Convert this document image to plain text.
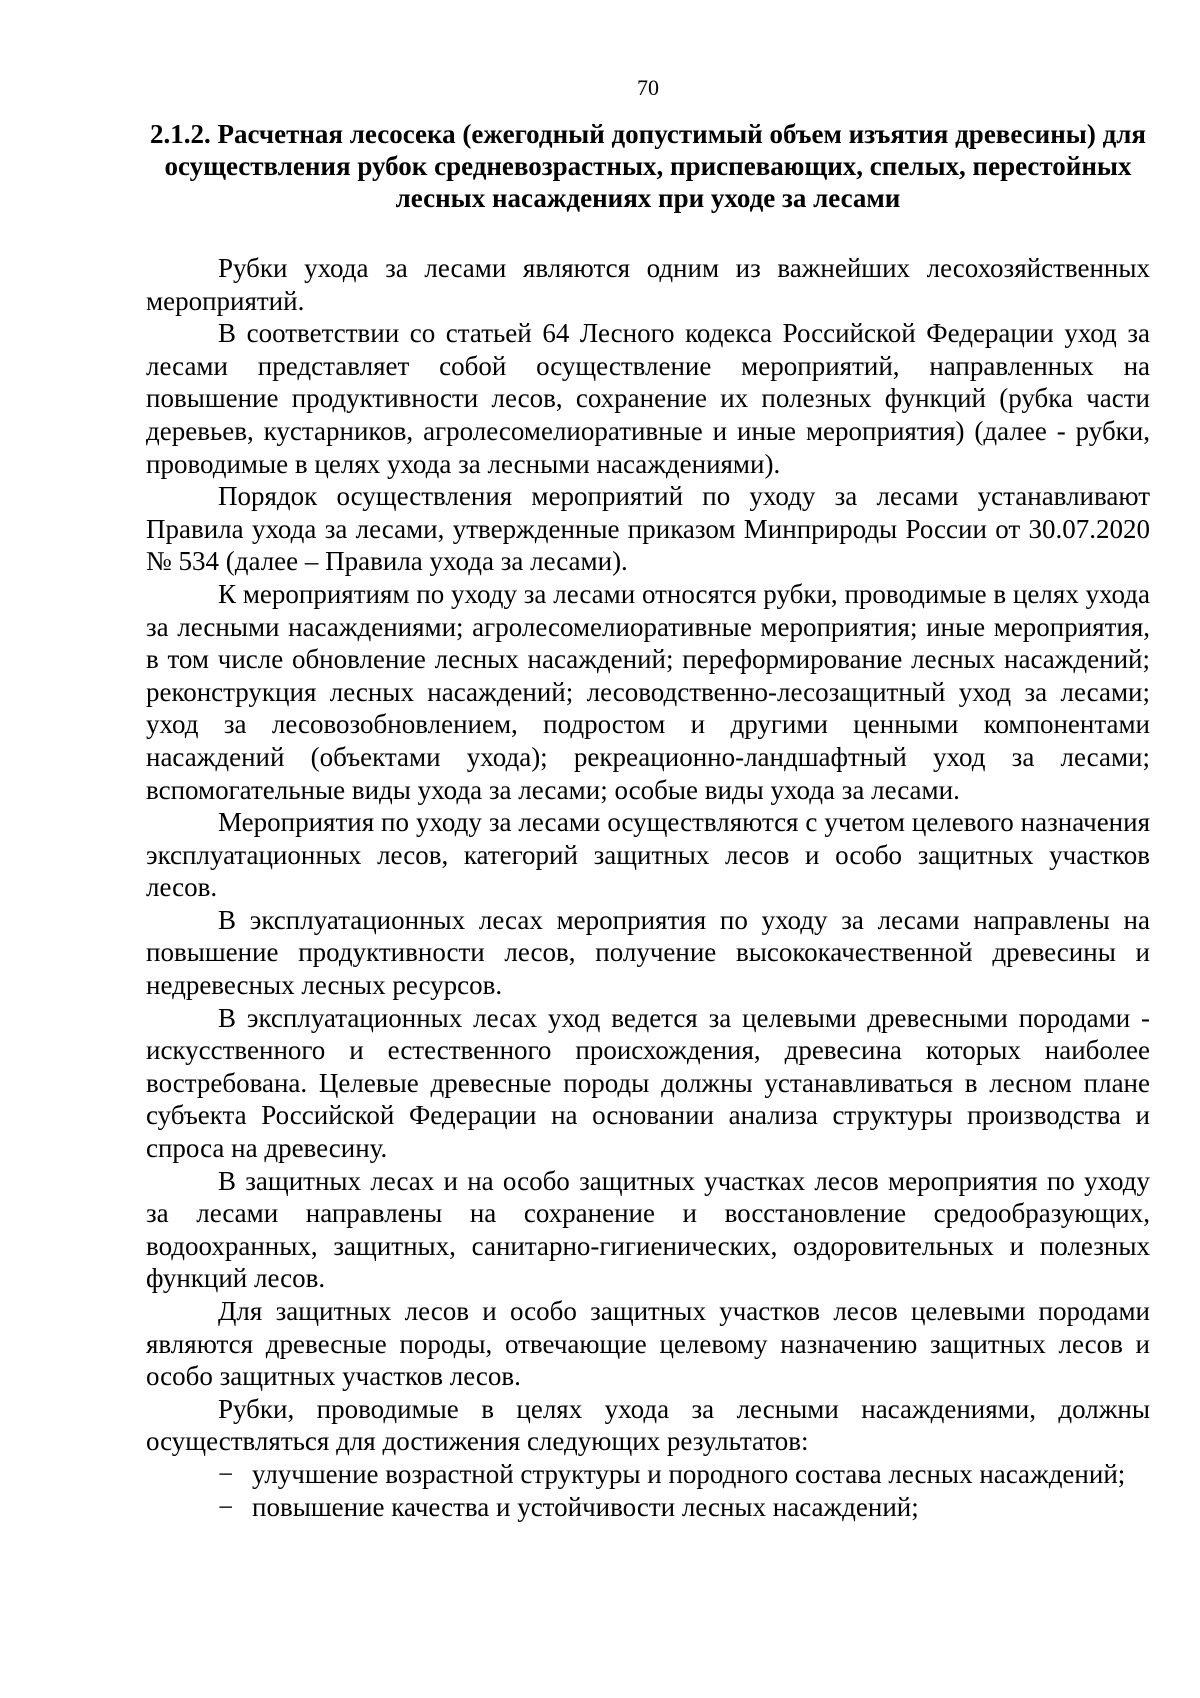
70
2.1.2. Расчетная лесосека (ежегодный допустимый объем изъятия древесины) для осуществления рубок средневозрастных, приспевающих, спелых, перестойных лесных насаждениях при уходе за лесами

Рубки ухода за лесами являются одним из важнейших лесохозяйственных мероприятий.

В соответствии со статьей 64 Лесного кодекса Российской Федерации уход за лесами представляет собой осуществление мероприятий, направленных на повышение продуктивности лесов, сохранение их полезных функций (рубка части деревьев, кустарников, агролесомелиоративные и иные мероприятия) (далее - рубки, проводимые в целях ухода за лесными насаждениями).

Порядок осуществления мероприятий по уходу за лесами устанавливают Правила ухода за лесами, утвержденные приказом Минприроды России от 30.07.2020 № 534 (далее – Правила ухода за лесами).

К мероприятиям по уходу за лесами относятся рубки, проводимые в целях ухода за лесными насаждениями; агролесомелиоративные мероприятия; иные мероприятия, в том числе обновление лесных насаждений; переформирование лесных насаждений; реконструкция лесных насаждений; лесоводственно-лесозащитный уход за лесами; уход за лесовозобновлением, подростом и другими ценными компонентами насаждений (объектами ухода); рекреационно-ландшафтный уход за лесами; вспомогательные виды ухода за лесами; особые виды ухода за лесами.

Мероприятия по уходу за лесами осуществляются с учетом целевого назначения эксплуатационных лесов, категорий защитных лесов и особо защитных участков лесов.

В эксплуатационных лесах мероприятия по уходу за лесами направлены на повышение продуктивности лесов, получение высококачественной древесины и недревесных лесных ресурсов.

В эксплуатационных лесах уход ведется за целевыми древесными породами - искусственного и естественного происхождения, древесина которых наиболее востребована. Целевые древесные породы должны устанавливаться в лесном плане субъекта Российской Федерации на основании анализа структуры производства и спроса на древесину.

В защитных лесах и на особо защитных участках лесов мероприятия по уходу за лесами направлены на сохранение и восстановление средообразующих, водоохранных, защитных, санитарно-гигиенических, оздоровительных и полезных функций лесов.

Для защитных лесов и особо защитных участков лесов целевыми породами являются древесные породы, отвечающие целевому назначению защитных лесов и особо защитных участков лесов.

Рубки, проводимые в целях ухода за лесными насаждениями, должны осуществляться для достижения следующих результатов:

− улучшение возрастной структуры и породного состава лесных насаждений;

− повышение качества и устойчивости лесных насаждений;
